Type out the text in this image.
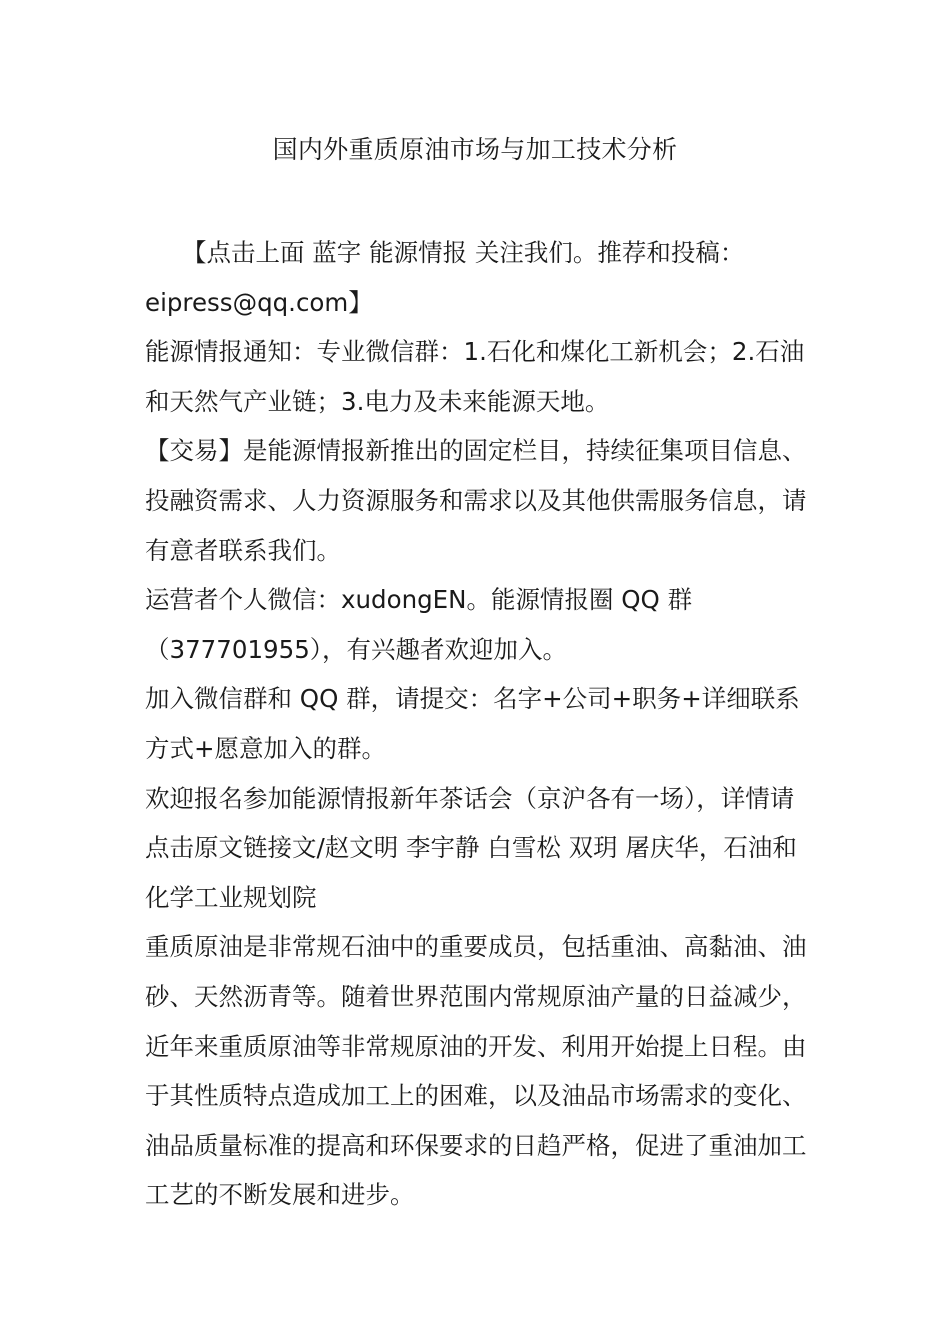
国内外重质原油市场与加工技术分析

【点击上面 蓝字 能源情报 关注我们。推荐和投稿：eipress@qq.com】

能源情报通知：专业微信群：1.石化和煤化工新机会；2.石油和天然气产业链；3.电力及未来能源天地。

【交易】是能源情报新推出的固定栏目，持续征集项目信息、投融资需求、人力资源服务和需求以及其他供需服务信息，请有意者联系我们。

运营者个人微信：xudongEN。能源情报圈 QQ 群（377701955），有兴趣者欢迎加入。

加入微信群和 QQ 群，请提交：名字+公司+职务+详细联系方式+愿意加入的群。

欢迎报名参加能源情报新年茶话会（京沪各有一场），详情请点击原文链接文/赵文明 李宇静 白雪松 双玥 屠庆华，石油和化学工业规划院

重质原油是非常规石油中的重要成员，包括重油、高黏油、油砂、天然沥青等。随着世界范围内常规原油产量的日益减少，近年来重质原油等非常规原油的开发、利用开始提上日程。由于其性质特点造成加工上的困难，以及油品市场需求的变化、油品质量标准的提高和环保要求的日趋严格，促进了重油加工工艺的不断发展和进步。
